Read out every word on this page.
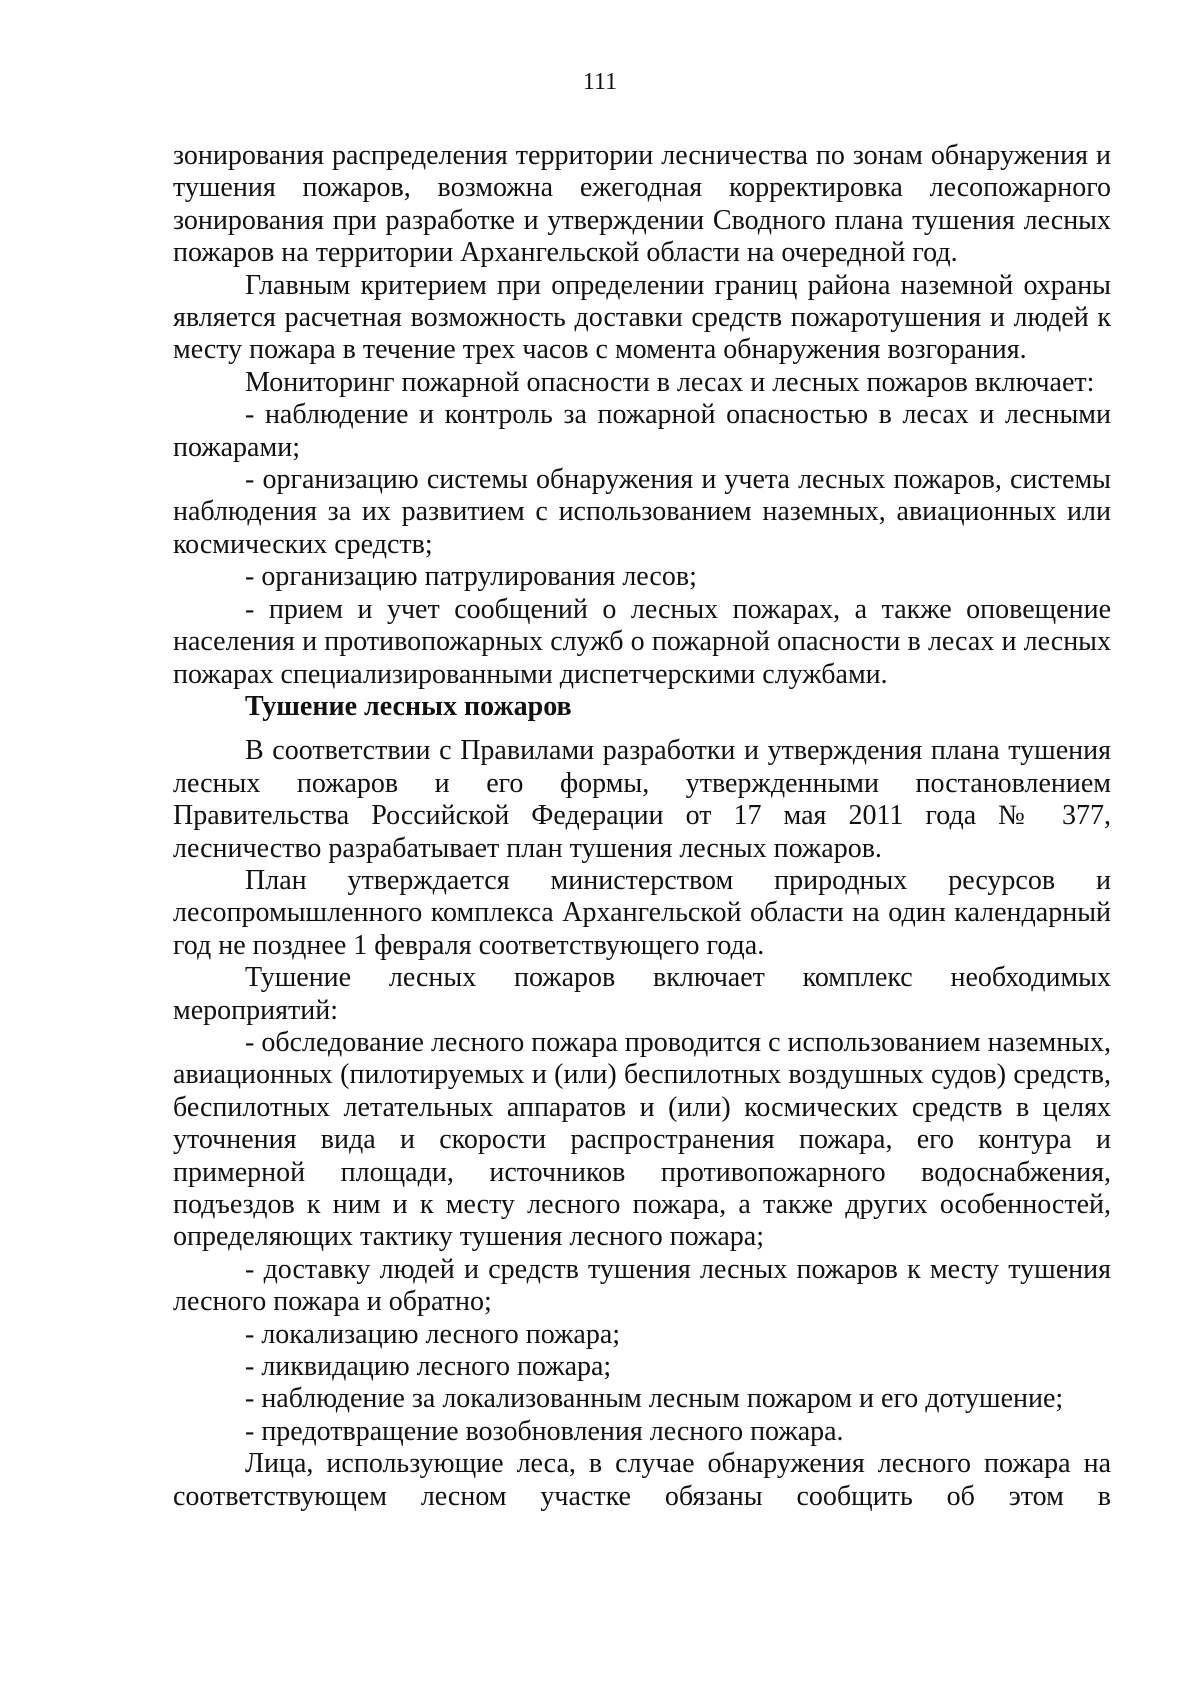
111

зонирования распределения территории лесничества по зонам обнаружения и тушения пожаров, возможна ежегодная корректировка лесопожарного зонирования при разработке и утверждении Сводного плана тушения лесных пожаров на территории Архангельской области на очередной год.

Главным критерием при определении границ района наземной охраны является расчетная возможность доставки средств пожаротушения и людей к месту пожара в течение трех часов с момента обнаружения возгорания.

Мониторинг пожарной опасности в лесах и лесных пожаров включает:

- наблюдение и контроль за пожарной опасностью в лесах и лесными пожарами;

- организацию системы обнаружения и учета лесных пожаров, системы наблюдения за их развитием с использованием наземных, авиационных или космических средств;

- организацию патрулирования лесов;

- прием и учет сообщений о лесных пожарах, а также оповещение населения и противопожарных служб о пожарной опасности в лесах и лесных пожарах специализированными диспетчерскими службами.

Тушение лесных пожаров

В соответствии с Правилами разработки и утверждения плана тушения лесных пожаров и его формы, утвержденными постановлением Правительства Российской Федерации от 17 мая 2011 года № 377, лесничество разрабатывает план тушения лесных пожаров.

План утверждается министерством природных ресурсов и лесопромышленного комплекса Архангельской области на один календарный год не позднее 1 февраля соответствующего года.

Тушение лесных пожаров включает комплекс необходимых мероприятий:

- обследование лесного пожара проводится с использованием наземных, авиационных (пилотируемых и (или) беспилотных воздушных судов) средств, беспилотных летательных аппаратов и (или) космических средств в целях уточнения вида и скорости распространения пожара, его контура и примерной площади, источников противопожарного водоснабжения, подъездов к ним и к месту лесного пожара, а также других особенностей, определяющих тактику тушения лесного пожара;

- доставку людей и средств тушения лесных пожаров к месту тушения лесного пожара и обратно;

- локализацию лесного пожара;

- ликвидацию лесного пожара;

- наблюдение за локализованным лесным пожаром и его дотушение;

- предотвращение возобновления лесного пожара.

Лица, использующие леса, в случае обнаружения лесного пожара на соответствующем лесном участке обязаны сообщить об этом в
